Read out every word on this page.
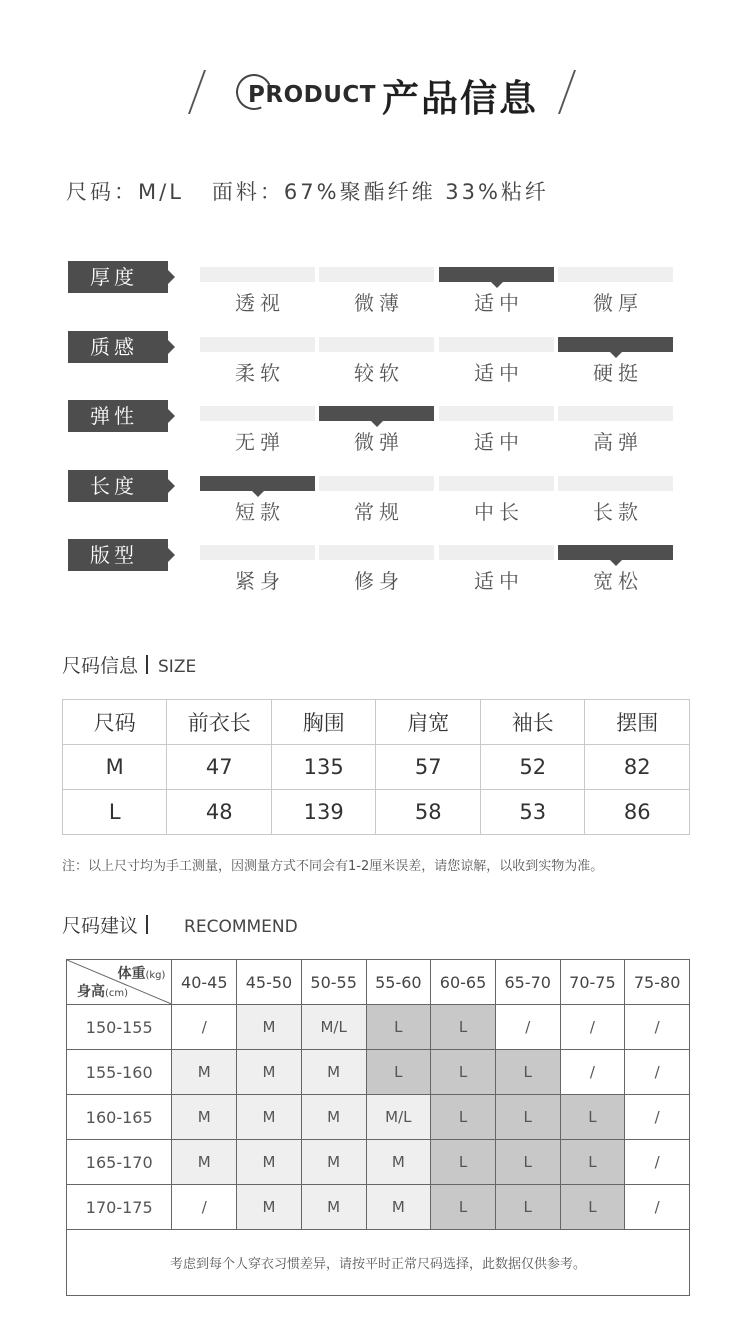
PRODUCT 产品信息
尺码：M/L 面料：67%聚酯纤维 33%粘纤
厚度
透视	微薄	适中	微厚
质感
柔软	较软	适中	硬挺
弹性
无弹	微弹	适中	高弹
长度
短款	常规	中长	长款
版型
紧身	修身	适中	宽松
尺码信息 SIZE
尺码	前衣长	胸围	肩宽	袖长	摆围
M	47	135	57	52	82
L	48	139	58	53	86
注：以上尺寸均为手工测量，因测量方式不同会有1-2厘米误差，请您谅解，以收到实物为准。
尺码建议	RECOMMEND
体重(kg)
身高(cm)	40-45	45-50	50-55	55-60	60-65	65-70	70-75	75-80
150-155	/	M	M/L	L	L	/	/	/
155-160	M	M	M	L	L	L	/	/
160-165	M	M	M	M/L	L	L	L	/
165-170	M	M	M	M	L	L	L	/
170-175	/	M	M	M	L	L	L	/
考虑到每个人穿衣习惯差异，请按平时正常尺码选择，此数据仅供参考。								
